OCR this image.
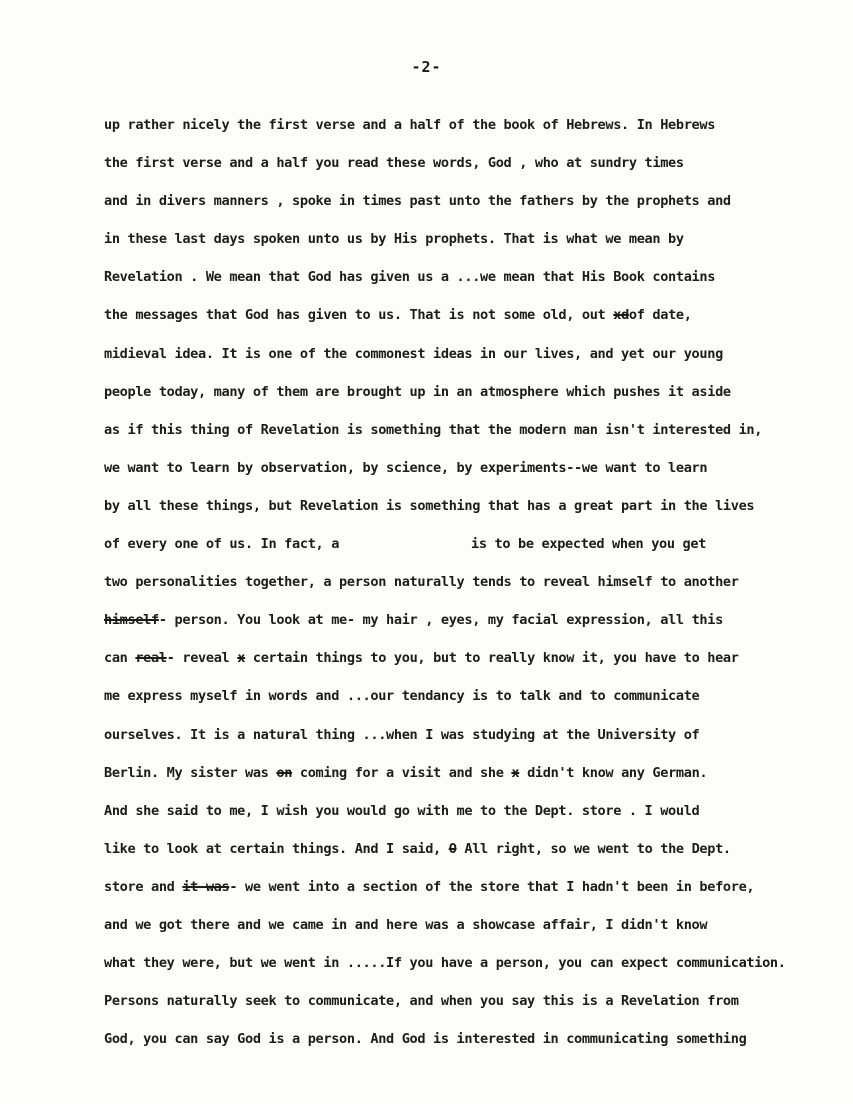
-2-
up rather nicely the first verse and a half of the book of Hebrews. In Hebrews
the first verse and a half you read these words, God , who at sundry times
and in divers manners , spoke in times past unto the fathers by the prophets and
in these last days spoken unto us by His prophets. That is what we mean by
Revelation . We mean that God has given us a ...we mean that His Book contains
the messages that God has given to us. That is not some old, out xdof date,
midieval idea. It is one of the commonest ideas in our lives, and yet our young
people today, many of them are brought up in an atmosphere which pushes it aside
as if this thing of Revelation is something that the modern man isn't interested in,
we want to learn by observation, by science, by experiments--we want to learn
by all these things, but Revelation is something that has a great part in the lives
of every one of us. In fact, a	is to be expected when you get
two personalities together, a person naturally tends to reveal himself to another
himself- person. You look at me- my hair , eyes, my facial expression, all this
can real- reveal x certain things to you, but to really know it, you have to hear
me express myself in words and ...our tendancy is to talk and to communicate
ourselves. It is a natural thing ...when I was studying at the University of
Berlin. My sister was on coming for a visit and she x didn't know any German.
And she said to me, I wish you would go with me to the Dept. store . I would
like to look at certain things. And I said, O All right, so we went to the Dept.
store and it was- we went into a section of the store that I hadn't been in before,
and we got there and we came in and here was a showcase affair, I didn't know
what they were, but we went in .....If you have a person, you can expect communication.
Persons naturally seek to communicate, and when you say this is a Revelation from
God, you can say God is a person. And God is interested in communicating something
